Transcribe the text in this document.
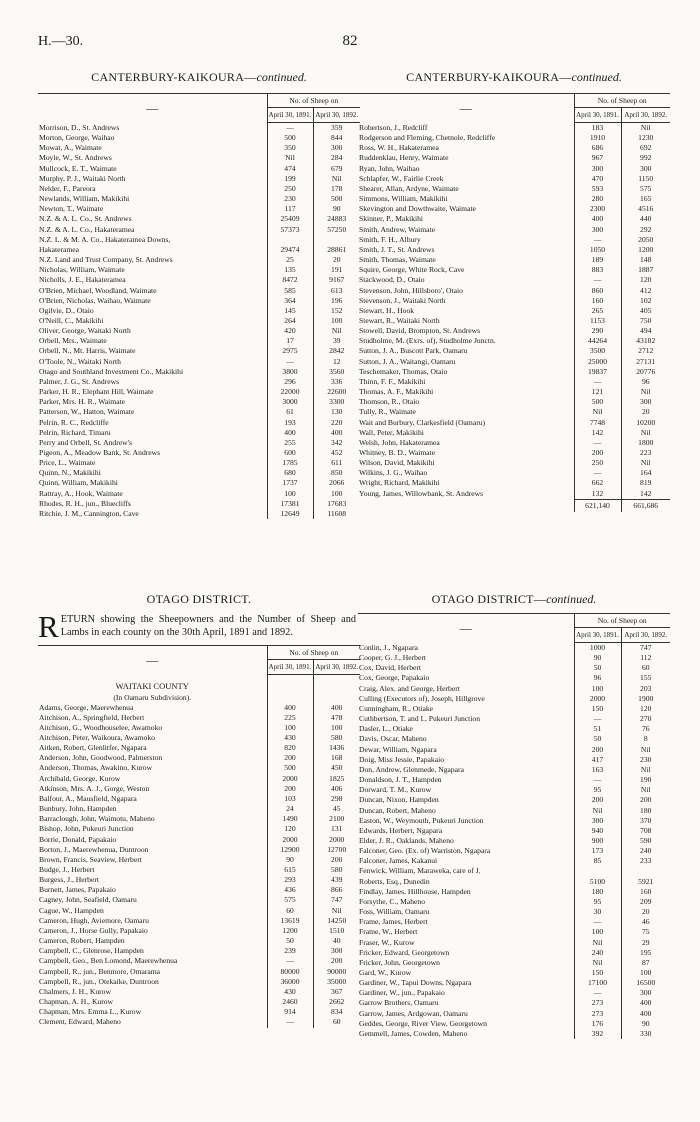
H.—30.	82
CANTERBURY-KAIKOURA—continued.
—	No. of Sheep on	
	April 30, 1891.	April 30, 1892.
Morrison, D., St. Andrews	—	359
Morton, George, Waihao	500	844
Mowat, A., Waimate	350	300
Moyle, W., St. Andrews	Nil	284
Mullcock, E. T., Waimate	474	679
Murphy, P. J., Waitaki North	199	Nil
Nelder, F., Pareora	250	178
Newlands, William, Makikihi	230	500
Newton, T., Waimate	117	90
N.Z. & A. L. Co., St. Andrews	25409	24883
N.Z. & A. L. Co., Hakateramea	57373	57250
N.Z. L. & M. A. Co., Hakateramea Downs,		
Hakateramea	29474	28861
N.Z. Land and Trust Company, St. Andrews	25	20
Nicholas, William, Waimate	135	191
Nicholls, J. E., Hakateramea	8472	9167
O'Brien, Michael, Woodland, Waimate	585	613
O'Brien, Nicholas, Waihao, Waimate	364	196
Ogilvie, D., Otaio	145	152
O'Neill, C., Makikihi	264	100
Oliver, George, Waitaki North	420	Nil
Orbell, Mrs., Waimate	17	39
Orbell, N., Mt. Harris, Waimate	2975	2842
O'Toole, N., Waitaki North	—	12
Otago and Southland Investment Co., Makikihi	3800	3560
Palmer, J. G., St. Andrews	296	336
Parker, H. R., Elephant Hill, Waimate	22000	22600
Parker, Mrs. H. R., Waimate	3000	3300
Patterson, W., Hatton, Waimate	61	130
Pelrin, R. C., Redcliffe	193	220
Pelrin, Richard, Timaru	400	400
Perry and Orbell, St. Andrew's	255	342
Pigeon, A., Meadow Bank, St. Andrews	600	452
Price, L., Waimate	1785	611
Quinn, N., Makikihi	680	850
Quinn, William, Makikihi	1737	2066
Rattray, A., Hook, Waimate	100	100
Rhodes, R. H., jun., Bluecliffs	17381	17683
Ritchie, J. M., Cannington, Cave	12649	11608
CANTERBURY-KAIKOURA—continued.
—	No. of Sheep on	
	April 30, 1891.	April 30, 1892.
Robertson, J., Redcliff	183	Nil
Rodgerson and Fleming, Chetnole, Redcliffe	1910	1230
Ross, W. H., Hakateramea	686	692
Ruddenklau, Henry, Waimate	967	992
Ryan, John, Waihao	300	300
Schlapfer, W., Fairlie Creek	470	1150
Shearer, Allan, Ardyne, Waimate	593	575
Simmons, William, Makikihi	280	165
Skevington and Dowthwaite, Waimate	2300	4516
Skinner, P., Makikihi	400	440
Smith, Andrew, Waimate	300	292
Smith, F. H., Albury	—	2050
Smith, J. T., St. Andrews	1050	1200
Smith, Thomas, Waimate	189	148
Squire, George, White Rock, Cave	883	1887
Stackwood, D., Otaio	—	120
Stevenson, John, Hillsboro', Otaio	860	412
Stevenson, J., Waitaki North	160	102
Stewart, H., Hook	265	405
Stewart, R., Waitaki North	1153	750
Stowell, David, Brompton, St. Andrews	290	494
Studholme, M. (Exrs. of), Studholme Junctn.	44264	43182
Sutton, J. A., Buscott Park, Oamaru	3500	2712
Sutton, J. A., Waitangi, Oamaru	25000	27131
Teschemaker, Thomas, Otaio	19837	20776
Thinn, F. F., Makikihi	—	96
Thomas, A. F., Makikihi	121	Nil
Thomson, R., Otaio	500	300
Tully, R., Waimate	Nil	20
Wait and Burbury, Clarkesfield (Oamaru)	7748	10200
Wall, Peter, Makikihi	142	Nil
Welsh, John, Hakateramea	—	1800
Whitney, B. D., Waimate	200	223
Wilson, David, Makikihi	250	Nil
Wilkins, J. G., Waihao	—	164
Wright, Richard, Makikihi	662	819
Young, James, Willowbank, St. Andrews	132	142
	621,140	661,686
OTAGO DISTRICT.
RETURN showing the Sheepowners and the Number of Sheep and Lambs in each county on the 30th April, 1891 and 1892.
—	No. of Sheep on	
	April 30, 1891.	April 30, 1892.

WAITAKI COUNTY
(In Oamaru Subdivision).		

Adams, George, Maerewhenua	400	400
Aitchison, A., Springfield, Herbert	225	478
Aitchison, G., Woodhouselee, Awamoko	100	100
Aitchison, Peter, Waikoura, Awamoko	430	580
Aitken, Robert, Glenlitfer, Ngapara	820	1436
Anderson, John, Goodwood, Palmerston	200	168
Anderson, Thomas, Awakino, Kurow	500	450
Archibald, George, Kurow	2000	1825
Atkinson, Mrs. A. J., Gorge, Weston	200	406
Balfour, A., Mausfield, Ngapara	103	298
Bunbury, John, Hampden	24	45
Barraclough, John, Waimotu, Maheno	1490	2100
Bishop, John, Pukeuri Junction	120	131
Borrie, Donald, Papakaio	2000	2000
Borton, J., Maerewhenua, Duntroon	12900	12700
Brown, Francis, Seaview, Herbert	90	200
Budge, J., Herbert	615	580
Burgess, J., Herbert	293	439
Burnett, James, Papakaio	436	866
Cagney, John, Seafield, Oamaru	575	747
Cague, W., Hampden	60	Nil
Cameron, Hugh, Aviemore, Oamaru	13619	14250
Cameron, J., Horse Gully, Papakaio	1200	1510
Cameron, Robert, Hampden	50	40
Campbell, C., Glenrose, Hampden	239	300
Campbell, Geo., Ben Lomond, Maerewhenua	—	200
Campbell, R., jun., Benmore, Omarama	80000	90000
Campbell, R., jun., Otekaike, Duntroon	36000	35000
Chalmers, J. H., Kurow	430	367
Chapman, A. H., Kurow	2460	2662
Chapman, Mrs. Emma L., Kurow	914	834
Clement, Edward, Maheno	—	60
OTAGO DISTRICT—continued.
—	No. of Sheep on	
	April 30, 1891.	April 30, 1892.
Conlin, J., Ngapara	1000	747
Cooper, G. J., Herbert	90	112
Cox, David, Herbert	50	60
Cox, George, Papakaio	96	155
Craig, Alex. and George, Herbert	100	203
Culling (Executors of), Joseph, Hillgrove	2000	1900
Cunningham, R., Otiake	150	120
Cuthbertson, T. and I., Pukeuri Junction	—	270
Dasler, L., Otiake	51	76
Davis, Oscar, Maheno	50	8
Dewar, William, Ngapara	200	Nil
Doig, Miss Jessie, Papakaio	417	230
Don, Andrew, Glenmede, Ngapara	163	Nil
Donaldson, J. T., Hampden	—	190
Dorward, T. M., Kurow	95	Nil
Duncan, Nixon, Hampden	200	200
Duncan, Robert, Maheno	Nil	180
Easton, W., Weymouth, Pukeuri Junction	300	370
Edwards, Herbert, Ngapara	940	708
Elder, J. R., Oaklands, Maheno	900	590
Falconer, Geo. (Ex. of) Warriston, Ngapara	173	240
Falconer, James, Kakanui	85	233
Fenwick, William, Maraweka, care of J.		
Roberts, Esq., Dunedin	5100	5921
Findlay, James, Hillhouse, Hampden	180	160
Forsythe, C., Maheno	95	209
Foss, William, Oamaru	30	20
Frame, James, Herbert	—	46
Frame, W., Herbert	100	75
Fraser, W., Kurow	Nil	29
Fricker, Edward, Georgetown	240	195
Fricker, John, Georgetown	Nil	87
Gard, W., Kurow	150	100
Gardiner, W., Tapui Downs, Ngapara	17100	16500
Gardiner, W., jun., Papakaio	—	300
Garrow Brothers, Oamaru	273	400
Garrow, James, Ardgowan, Oamaru	273	400
Geddes, George, River View, Georgetown	176	90
Gemmell, James, Cowden, Maheno	392	330
